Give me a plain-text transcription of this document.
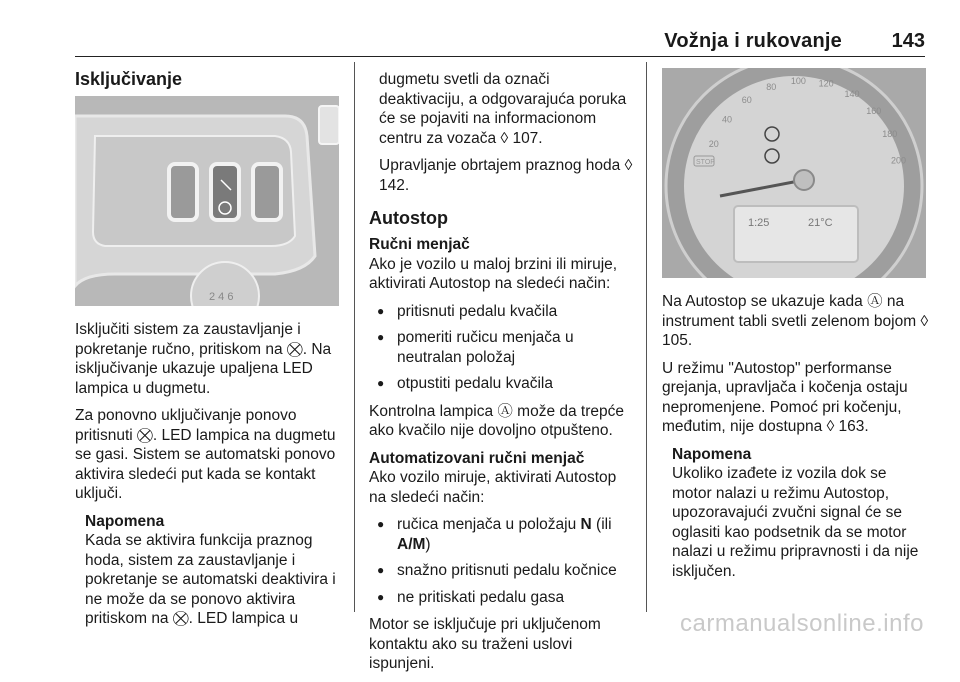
Vožnja i rukovanje 143
Isključivanje
2 4 6

Isključiti sistem za zaustavljanje i pokretanje ručno, pritiskom na ⛒. Na isključivanje ukazuje upaljena LED lampica u dugmetu.

Za ponovno uključivanje ponovo pritisnuti ⛒. LED lampica na dugmetu se gasi. Sistem se automatski ponovo aktivira sledeći put kada se kontakt uključi.

Napomena

Kada se aktivira funkcija praznog hoda, sistem za zaustavljanje i pokretanje se automatski deaktivira i ne može da se ponovo aktivira pritiskom na ⛒. LED lampica u

dugmetu svetli da označi deaktivaciju, a odgovarajuća poruka će se pojaviti na informacionom centru za vozača ◊ 107.

Upravljanje obrtajem praznog hoda ◊ 142.

Autostop
Ručni menjač

Ako je vozilo u maloj brzini ili miruje, aktivirati Autostop na sledeći način:

● pritisnuti pedalu kvačila
● pomeriti ručicu menjača u neutralan položaj
● otpustiti pedalu kvačila

Kontrolna lampica Ⓐ može da trepće ako kvačilo nije dovoljno otpušteno.

Automatizovani ručni menjač

Ako vozilo miruje, aktivirati Autostop na sledeći način:

● ručica menjača u položaju N (ili A/M)
● snažno pritisnuti pedalu kočnice
● ne pritiskati pedalu gasa

Motor se isključuje pri uključenom kontaktu ako su traženi uslovi ispunjeni.

1:25	21°C
STOP
20
40
60
80
100 120
140
160
180
200

Na Autostop se ukazuje kada Ⓐ na instrument tabli svetli zelenom bojom ◊ 105.

U režimu "Autostop" performanse grejanja, upravljača i kočenja ostaju nepromenjene. Pomoć pri kočenju, međutim, nije dostupna ◊ 163.

Napomena

Ukoliko izađete iz vozila dok se motor nalazi u režimu Autostop, upozoravajući zvučni signal će se oglasiti kao podsetnik da se motor nalazi u režimu pripravnosti i da nije isključen.

carmanualsonline.info
